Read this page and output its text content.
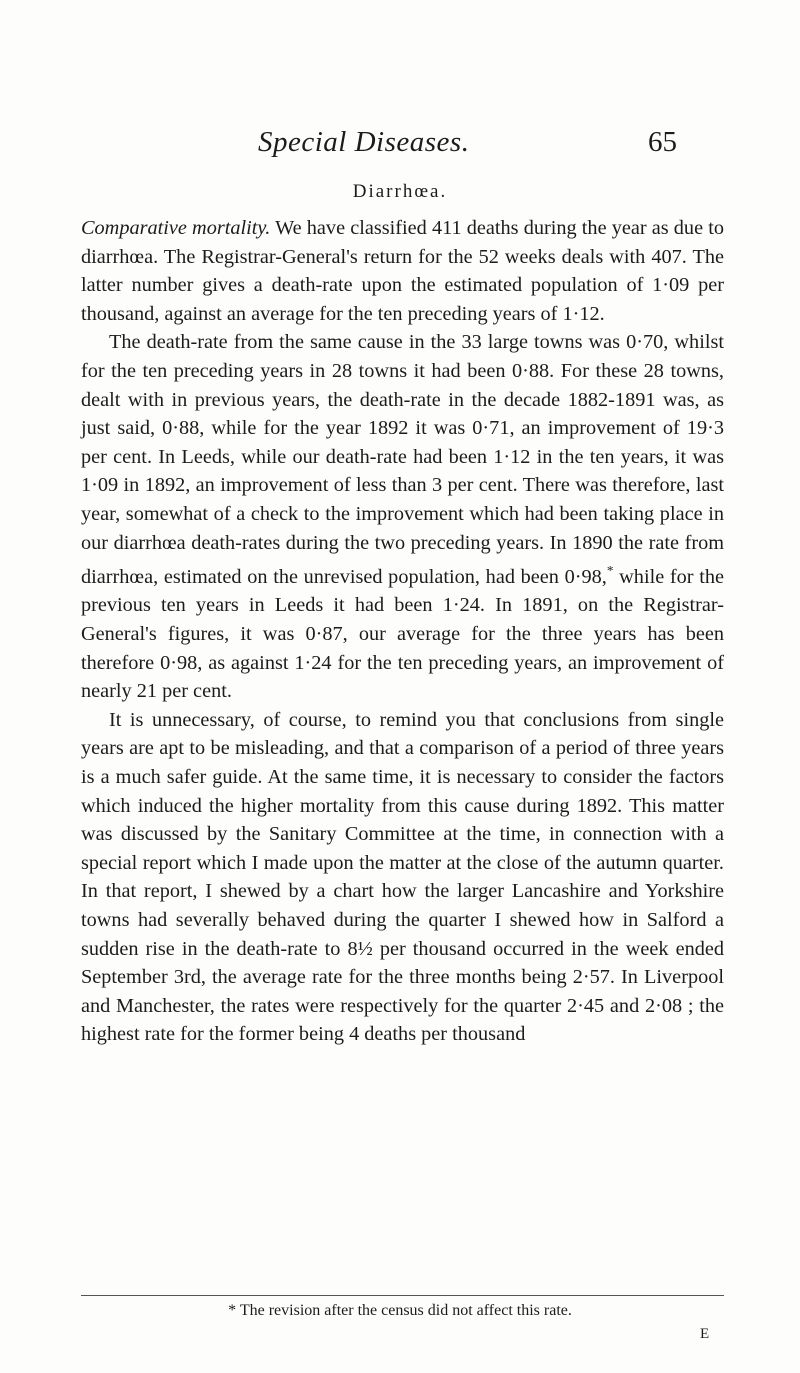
Special Diseases.	65
Diarrhœa.

Comparative mortality. We have classified 411 deaths during the year as due to diarrhœa. The Registrar-General's return for the 52 weeks deals with 407. The latter number gives a death-rate upon the estimated population of 1·09 per thousand, against an average for the ten preceding years of 1·12.

The death-rate from the same cause in the 33 large towns was 0·70, whilst for the ten preceding years in 28 towns it had been 0·88. For these 28 towns, dealt with in previous years, the death-rate in the decade 1882-1891 was, as just said, 0·88, while for the year 1892 it was 0·71, an improvement of 19·3 per cent. In Leeds, while our death-rate had been 1·12 in the ten years, it was 1·09 in 1892, an improvement of less than 3 per cent. There was therefore, last year, somewhat of a check to the improvement which had been taking place in our diarrhœa death-rates during the two preceding years. In 1890 the rate from diarrhœa, estimated on the unrevised population, had been 0·98,* while for the previous ten years in Leeds it had been 1·24. In 1891, on the Registrar-General's figures, it was 0·87, our average for the three years has been therefore 0·98, as against 1·24 for the ten preceding years, an improvement of nearly 21 per cent.

It is unnecessary, of course, to remind you that conclusions from single years are apt to be misleading, and that a comparison of a period of three years is a much safer guide. At the same time, it is necessary to consider the factors which induced the higher mortality from this cause during 1892. This matter was discussed by the Sanitary Committee at the time, in connection with a special report which I made upon the matter at the close of the autumn quarter. In that report, I shewed by a chart how the larger Lancashire and Yorkshire towns had severally behaved during the quarter I shewed how in Salford a sudden rise in the death-rate to 8½ per thousand occurred in the week ended September 3rd, the average rate for the three months being 2·57. In Liverpool and Manchester, the rates were respectively for the quarter 2·45 and 2·08 ; the highest rate for the former being 4 deaths per thousand

* The revision after the census did not affect this rate.
E
